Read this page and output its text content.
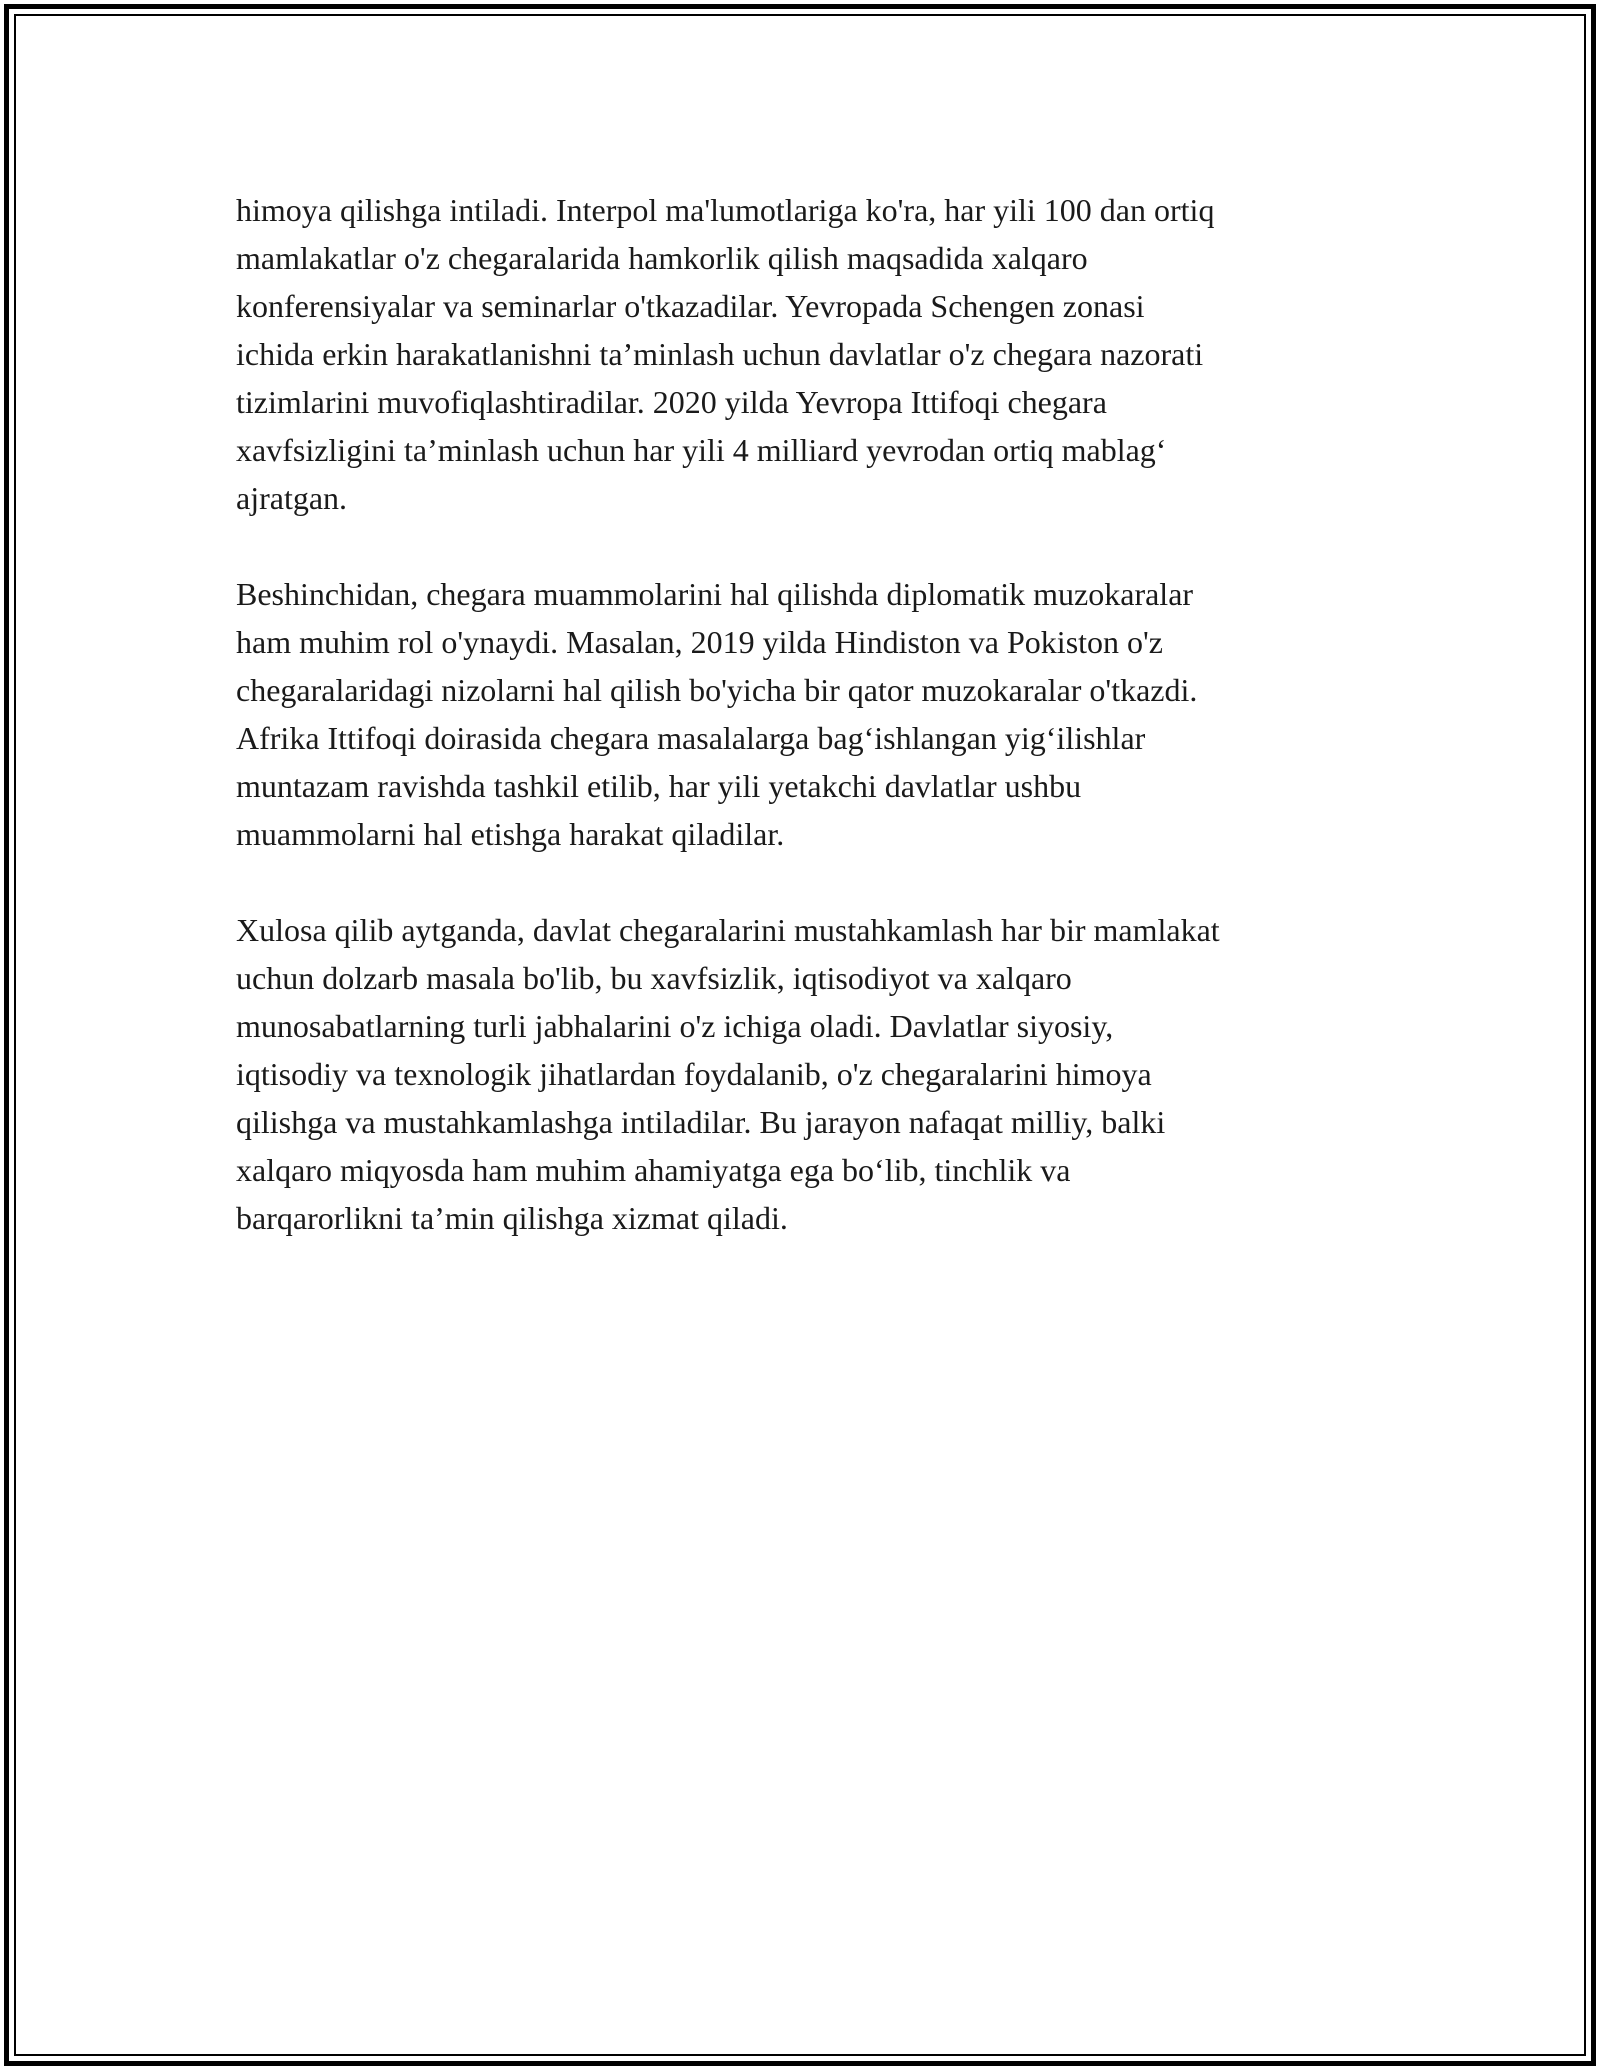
himoya qilishga intiladi. Interpol ma'lumotlariga ko'ra, har yili 100 dan ortiq
mamlakatlar o'z chegaralarida hamkorlik qilish maqsadida xalqaro
konferensiyalar va seminarlar o'tkazadilar. Yevropada Schengen zonasi
ichida erkin harakatlanishni ta’minlash uchun davlatlar o'z chegara nazorati
tizimlarini muvofiqlashtiradilar. 2020 yilda Yevropa Ittifoqi chegara
xavfsizligini ta’minlash uchun har yili 4 milliard yevrodan ortiq mablag‘
ajratgan.

Beshinchidan, chegara muammolarini hal qilishda diplomatik muzokaralar
ham muhim rol o'ynaydi. Masalan, 2019 yilda Hindiston va Pokiston o'z
chegaralaridagi nizolarni hal qilish bo'yicha bir qator muzokaralar o'tkazdi.
Afrika Ittifoqi doirasida chegara masalalarga bag‘ishlangan yig‘ilishlar
muntazam ravishda tashkil etilib, har yili yetakchi davlatlar ushbu
muammolarni hal etishga harakat qiladilar.

Xulosa qilib aytganda, davlat chegaralarini mustahkamlash har bir mamlakat
uchun dolzarb masala bo'lib, bu xavfsizlik, iqtisodiyot va xalqaro
munosabatlarning turli jabhalarini o'z ichiga oladi. Davlatlar siyosiy,
iqtisodiy va texnologik jihatlardan foydalanib, o'z chegaralarini himoya
qilishga va mustahkamlashga intiladilar. Bu jarayon nafaqat milliy, balki
xalqaro miqyosda ham muhim ahamiyatga ega bo‘lib, tinchlik va
barqarorlikni ta’min qilishga xizmat qiladi.
